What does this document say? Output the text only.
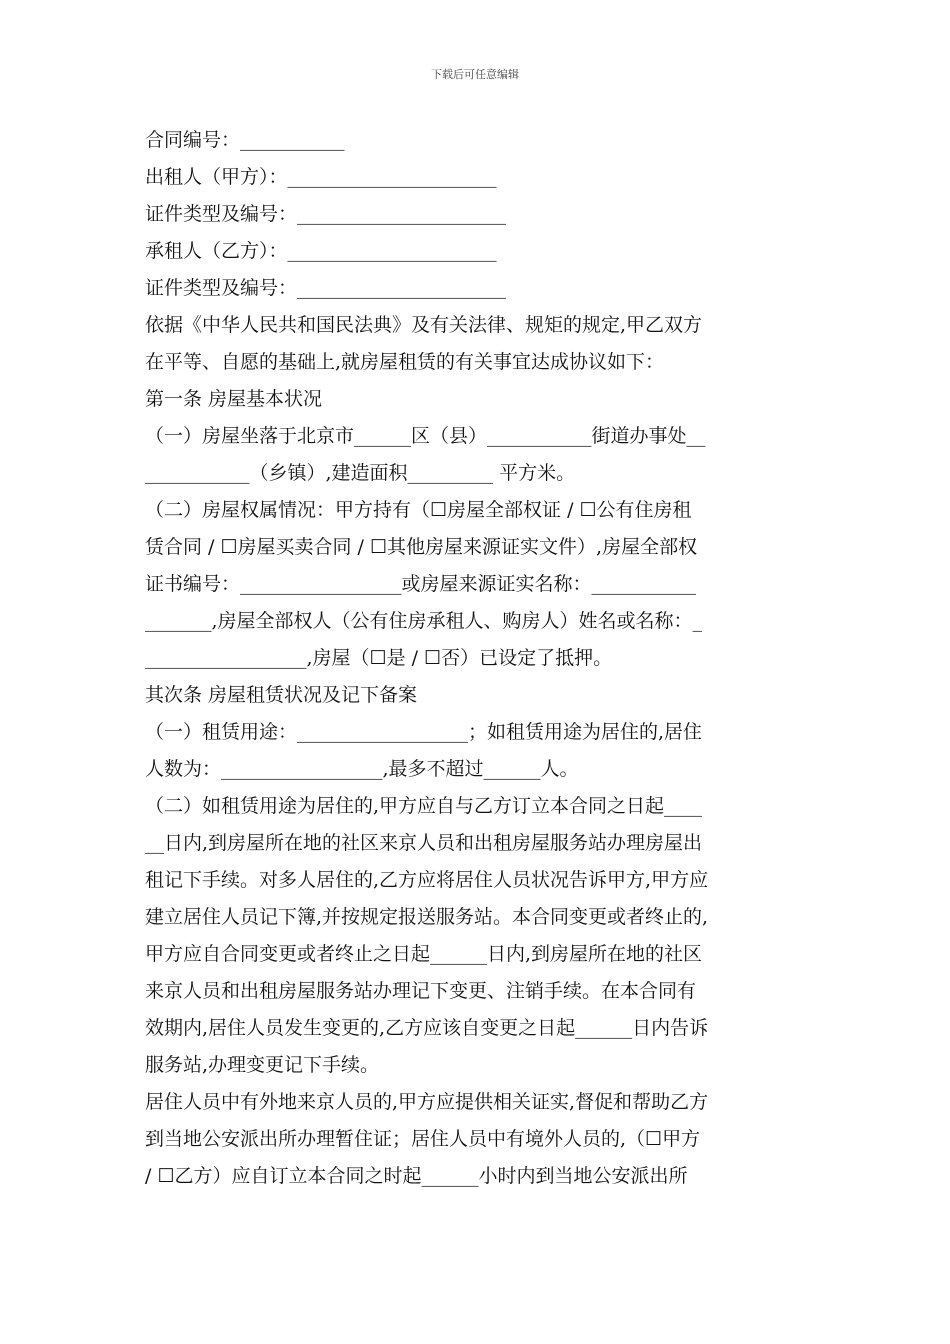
下载后可任意编辑
合同编号：___________
出租人（甲方）：______________________
证件类型及编号：______________________
承租人（乙方）：______________________
证件类型及编号：______________________
依据《中华人民共和国民法典》及有关法律、规矩的规定,甲乙双方
在平等、自愿的基础上,就房屋租赁的有关事宜达成协议如下：
第一条 房屋基本状况
（一）房屋坐落于北京市______区（县）___________街道办事处__
___________（乡镇）,建造面积_________ 平方米。
（二）房屋权属情况：甲方持有（☐房屋全部权证 / ☐公有住房租
赁合同 / ☐房屋买卖合同 / ☐其他房屋来源证实文件）,房屋全部权
证书编号：_________________或房屋来源证实名称：___________
_______,房屋全部权人（公有住房承租人、购房人）姓名或名称：_
_________________,房屋（☐是 / ☐否）已设定了抵押。
其次条 房屋租赁状况及记下备案
（一）租赁用途：__________________；如租赁用途为居住的,居住
人数为：_________________,最多不超过______人。
（二）如租赁用途为居住的,甲方应自与乙方订立本合同之日起____
__日内,到房屋所在地的社区来京人员和出租房屋服务站办理房屋出
租记下手续。对多人居住的,乙方应将居住人员状况告诉甲方,甲方应
建立居住人员记下簿,并按规定报送服务站。本合同变更或者终止的,
甲方应自合同变更或者终止之日起______日内,到房屋所在地的社区
来京人员和出租房屋服务站办理记下变更、注销手续。在本合同有
效期内,居住人员发生变更的,乙方应该自变更之日起______日内告诉
服务站,办理变更记下手续。
居住人员中有外地来京人员的,甲方应提供相关证实,督促和帮助乙方
到当地公安派出所办理暂住证；居住人员中有境外人员的,（☐甲方
/ ☐乙方）应自订立本合同之时起______小时内到当地公安派出所
